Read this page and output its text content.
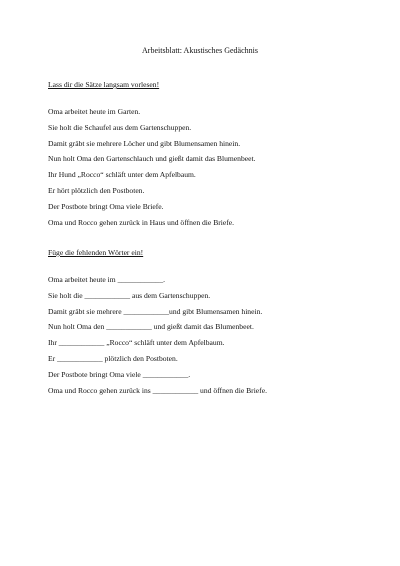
Arbeitsblatt: Akustisches Gedächnis
Lass dir die Sätze langsam vorlesen!
Oma arbeitet heute im Garten.
Sie holt die Schaufel aus dem Gartenschuppen.
Damit gräbt sie mehrere Löcher und gibt Blumensamen hinein.
Nun holt Oma den Gartenschlauch und gießt damit das Blumenbeet.
Ihr Hund „Rocco“ schläft unter dem Apfelbaum.
Er hört plötzlich den Postboten.
Der Postbote bringt Oma viele Briefe.
Oma und Rocco gehen zurück in Haus und öffnen die Briefe.
Füge die fehlenden Wörter ein!
Oma arbeitet heute im ____________.
Sie holt die ____________ aus dem Gartenschuppen.
Damit gräbt sie mehrere ____________und gibt Blumensamen hinein.
Nun holt Oma den ____________ und gießt damit das Blumenbeet.
Ihr ____________ „Rocco“ schläft unter dem Apfelbaum.
Er ____________ plötzlich den Postboten.
Der Postbote bringt Oma viele ____________.
Oma und Rocco gehen zurück ins ____________ und öffnen die Briefe.
